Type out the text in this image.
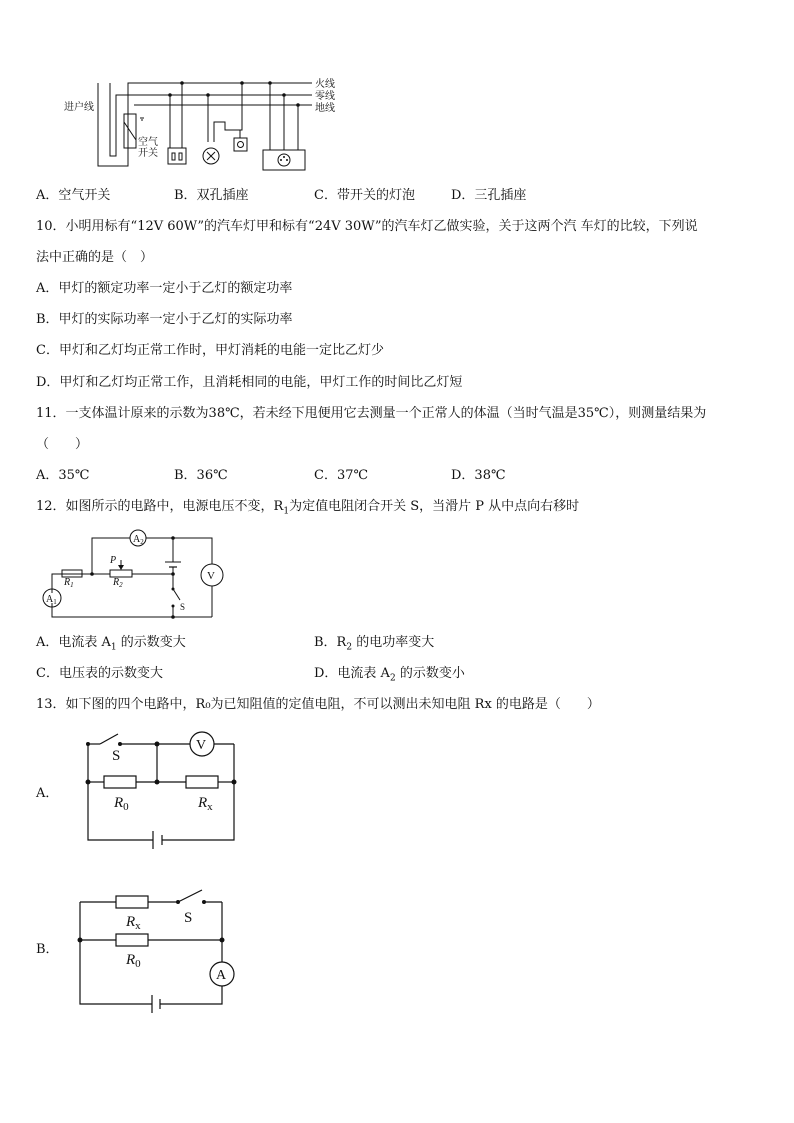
火线
零线
地线
进户线
空气
开关
A．空气开关	B．双孔插座	C．带开关的灯泡	D．三孔插座
10．小明用标有“12V 60W”的汽车灯甲和标有“24V 30W”的汽车灯乙做实验，关于这两个汽 车灯的比较，下列说
法中正确的是（　）
A．甲灯的额定功率一定小于乙灯的额定功率
B．甲灯的实际功率一定小于乙灯的实际功率
C．甲灯和乙灯均正常工作时，甲灯消耗的电能一定比乙灯少
D．甲灯和乙灯均正常工作，且消耗相同的电能，甲灯工作的时间比乙灯短
11．一支体温计原来的示数为38℃，若未经下甩便用它去测量一个正常人的体温（当时气温是35℃），则测量结果为
（　　）
A．35℃	B．36℃	C．37℃	D．38℃
12．如图所示的电路中，电源电压不变，$R_1$为定值电阻闭合开关 S，当滑片 P 从中点向右移时
$A_2$
$A_1$
V
$R_1$	$R_2$
P
S
A．电流表 $A_1$ 的示数变大	B．$R_2$ 的电功率变大
C．电压表的示数变大	D．电流表 $A_2$ 的示数变小
13．如下图的四个电路中，R₀为已知阻值的定值电阻，不可以测出未知电阻 Rx 的电路是（　　）
A．
S
V
$R_0$	$R_x$
B．
S
A
$R_x$
$R_0$
